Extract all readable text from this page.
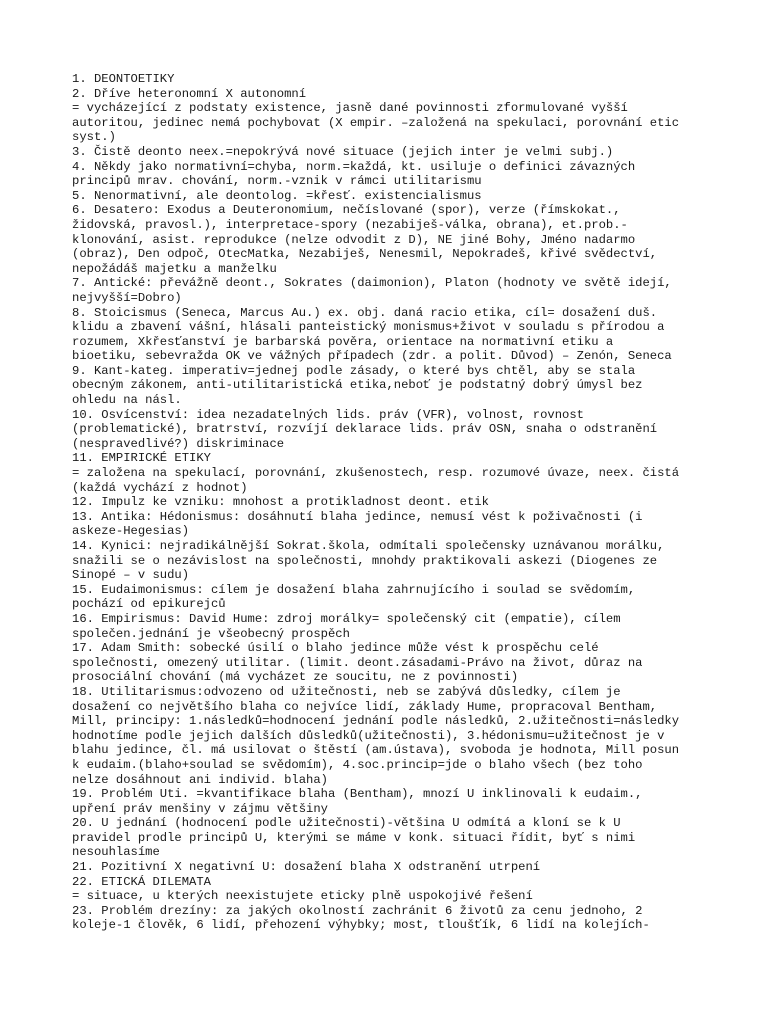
1. DEONTOETIKY
2. Dříve heteronomní X autonomní
= vycházející z podstaty existence, jasně dané povinnosti zformulované vyšší
autoritou, jedinec nemá pochybovat (X empir. –založená na spekulaci, porovnání etic
syst.)
3. Čistě deonto neex.=nepokrývá nové situace (jejich inter je velmi subj.)
4. Někdy jako normativní=chyba, norm.=každá, kt. usiluje o definici závazných
principů mrav. chování, norm.-vznik v rámci utilitarismu
5. Nenormativní, ale deontolog. =křesť. existencialismus
6. Desatero: Exodus a Deuteronomium, nečíslované (spor), verze (římskokat.,
židovská, pravosl.), interpretace-spory (nezabiješ-válka, obrana), et.prob.-
klonování, asist. reprodukce (nelze odvodit z D), NE jiné Bohy, Jméno nadarmo
(obraz), Den odpoč, OtecMatka, Nezabiješ, Nenesmil, Nepokradeš, křivé svědectví,
nepožádáš majetku a manželku
7. Antické: převážně deont., Sokrates (daimonion), Platon (hodnoty ve světě idejí,
nejvyšší=Dobro)
8. Stoicismus (Seneca, Marcus Au.) ex. obj. daná racio etika, cíl= dosažení duš.
klidu a zbavení vášní, hlásali panteistický monismus+život v souladu s přírodou a
rozumem, Xkřesťanství je barbarská pověra, orientace na normativní etiku a
bioetiku, sebevražda OK ve vážných případech (zdr. a polit. Důvod) – Zenón, Seneca
9. Kant-kateg. imperativ=jednej podle zásady, o které bys chtěl, aby se stala
obecným zákonem, anti-utilitaristická etika,neboť je podstatný dobrý úmysl bez
ohledu na násl.
10. Osvícenství: idea nezadatelných lids. práv (VFR), volnost, rovnost
(problematické), bratrství, rozvíjí deklarace lids. práv OSN, snaha o odstranění
(nespravedlivé?) diskriminace
11. EMPIRICKÉ ETIKY
= založena na spekulací, porovnání, zkušenostech, resp. rozumové úvaze, neex. čistá
(každá vychází z hodnot)
12. Impulz ke vzniku: mnohost a protikladnost deont. etik
13. Antika: Hédonismus: dosáhnutí blaha jedince, nemusí vést k poživačnosti (i
askeze-Hegesias)
14. Kynici: nejradikálnější Sokrat.škola, odmítali společensky uznávanou morálku,
snažili se o nezávislost na společnosti, mnohdy praktikovali askezi (Diogenes ze
Sinopé – v sudu)
15. Eudaimonismus: cílem je dosažení blaha zahrnujícího i soulad se svědomím,
pochází od epikurejců
16. Empirismus: David Hume: zdroj morálky= společenský cit (empatie), cílem
společen.jednání je všeobecný prospěch
17. Adam Smith: sobecké úsilí o blaho jedince může vést k prospěchu celé
společnosti, omezený utilitar. (limit. deont.zásadami-Právo na život, důraz na
prosociální chování (má vycházet ze soucitu, ne z povinnosti)
18. Utilitarismus:odvozeno od užitečnosti, neb se zabývá důsledky, cílem je
dosažení co největšího blaha co nejvíce lidí, základy Hume, propracoval Bentham,
Mill, principy: 1.následků=hodnocení jednání podle následků, 2.užitečnosti=následky
hodnotíme podle jejich dalších důsledků(užitečnosti), 3.hédonismu=užitečnost je v
blahu jedince, čl. má usilovat o štěstí (am.ústava), svoboda je hodnota, Mill posun
k eudaim.(blaho+soulad se svědomím), 4.soc.princip=jde o blaho všech (bez toho
nelze dosáhnout ani individ. blaha)
19. Problém Uti. =kvantifikace blaha (Bentham), mnozí U inklinovali k eudaim.,
upření práv menšiny v zájmu většiny
20. U jednání (hodnocení podle užitečnosti)-většina U odmítá a kloní se k U
pravidel prodle principů U, kterými se máme v konk. situaci řídit, byť s nimi
nesouhlasíme
21. Pozitivní X negativní U: dosažení blaha X odstranění utrpení
22. ETICKÁ DILEMATA
= situace, u kterých neexistujete eticky plně uspokojivé řešení
23. Problém drezíny: za jakých okolností zachránit 6 životů za cenu jednoho, 2
koleje-1 člověk, 6 lidí, přehození výhybky; most, tloušťík, 6 lidí na kolejích-
